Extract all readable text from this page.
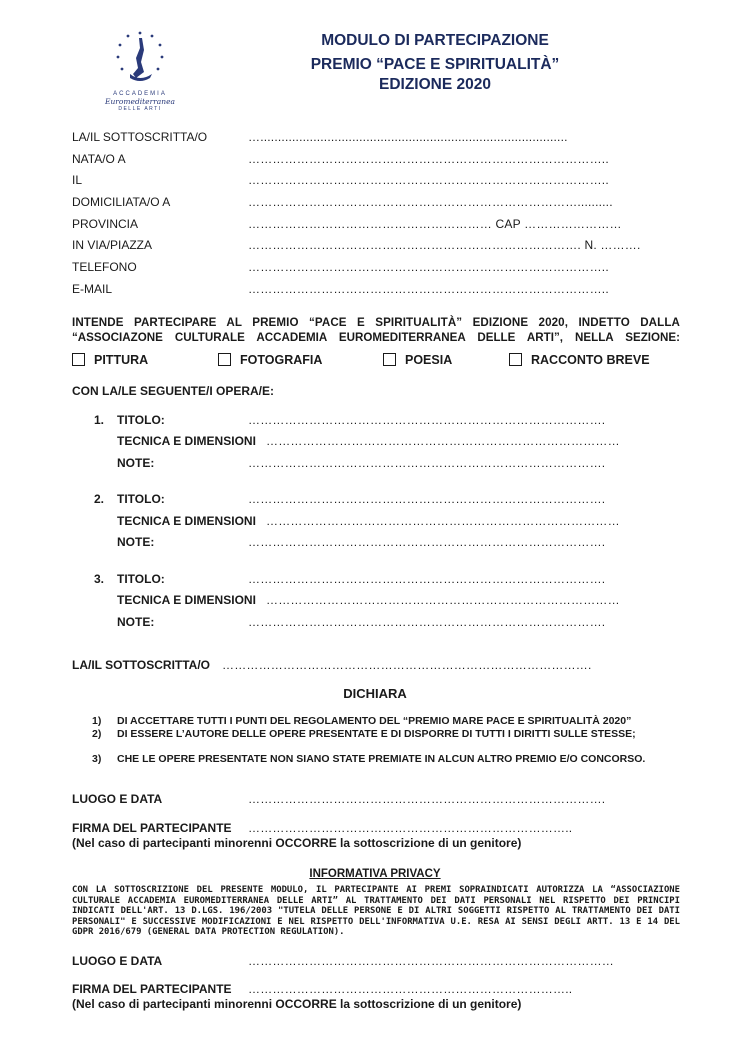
ACCADEMIA
Euromediterranea
DELLE ARTI
MODULO DI PARTECIPAZIONE
PREMIO “PACE E SPIRITUALITÀ”
EDIZIONE 2020
LA/IL SOTTOSCRITTA/O	….......................................................................................
NATA/O A	……………………………………………………………………………..
IL	……………………………………………………………………………..
DOMICILIATA/O A	………………………………………………………………………..........
PROVINCIA	…………………………………………………… CAP ……………………
IN VIA/PIAZZA	………………………………………………………………………. N. ……….
TELEFONO	……………………………………………………………………………..
E-MAIL	……………………………………………………………………………..
INTENDE PARTECIPARE AL PREMIO “PACE E SPIRITUALITÀ” EDIZIONE 2020, INDETTO DALLA
“ASSOCIAZONE CULTURALE ACCADEMIA EUROMEDITERRANEA DELLE ARTI”, NELLA SEZIONE:
PITTURA	FOTOGRAFIA	POESIA	RACCONTO BREVE
CON LA/LE SEGUENTE/I OPERA/E:
1. TITOLO:	…………………………………………………………………………….
TECNICA E DIMENSIONI ……………………………………………………………………………
NOTE:	…………………………………………………………………………….
2. TITOLO:	…………………………………………………………………………….
TECNICA E DIMENSIONI ……………………………………………………………………………
NOTE:	…………………………………………………………………………….
3. TITOLO:	…………………………………………………………………………….
TECNICA E DIMENSIONI ……………………………………………………………………………
NOTE:	…………………………………………………………………………….
LA/IL SOTTOSCRITTA/O ……………………………………………………………………………….
DICHIARA
1) DI ACCETTARE TUTTI I PUNTI DEL REGOLAMENTO DEL “PREMIO MARE PACE E SPIRITUALITÀ 2020”
2) DI ESSERE L’AUTORE DELLE OPERE PRESENTATE E DI DISPORRE DI TUTTI I DIRITTI SULLE STESSE;
3) CHE LE OPERE PRESENTATE NON SIANO STATE PREMIATE IN ALCUN ALTRO PREMIO E/O CONCORSO.
LUOGO E DATA	…………………………………………………………………………….
FIRMA DEL PARTECIPANTE ……………………………………………………………………..
(Nel caso di partecipanti minorenni OCCORRE la sottoscrizione di un genitore)
INFORMATIVA PRIVACY
CON LA SOTTOSCRIZIONE DEL PRESENTE MODULO, IL PARTECIPANTE AI PREMI SOPRAINDICATI AUTORIZZA LA “ASSOCIAZIONE CULTURALE ACCADEMIA EUROMEDITERRANEA DELLE ARTI” AL TRATTAMENTO DEI DATI PERSONALI NEL RISPETTO DEI PRINCIPI INDICATI DELL'ART. 13 D.LGS. 196/2003 "TUTELA DELLE PERSONE E DI ALTRI SOGGETTI RISPETTO AL TRATTAMENTO DEI DATI PERSONALI" E SUCCESSIVE MODIFICAZIONI E NEL RISPETTO DELL'INFORMATIVA U.E. RESA AI SENSI DEGLI ARTT. 13 E 14 DEL GDPR 2016/679 (GENERAL DATA PROTECTION REGULATION).
LUOGO E DATA	………………………………………………………………………………
FIRMA DEL PARTECIPANTE ……………………………………………………………………..
(Nel caso di partecipanti minorenni OCCORRE la sottoscrizione di un genitore)
